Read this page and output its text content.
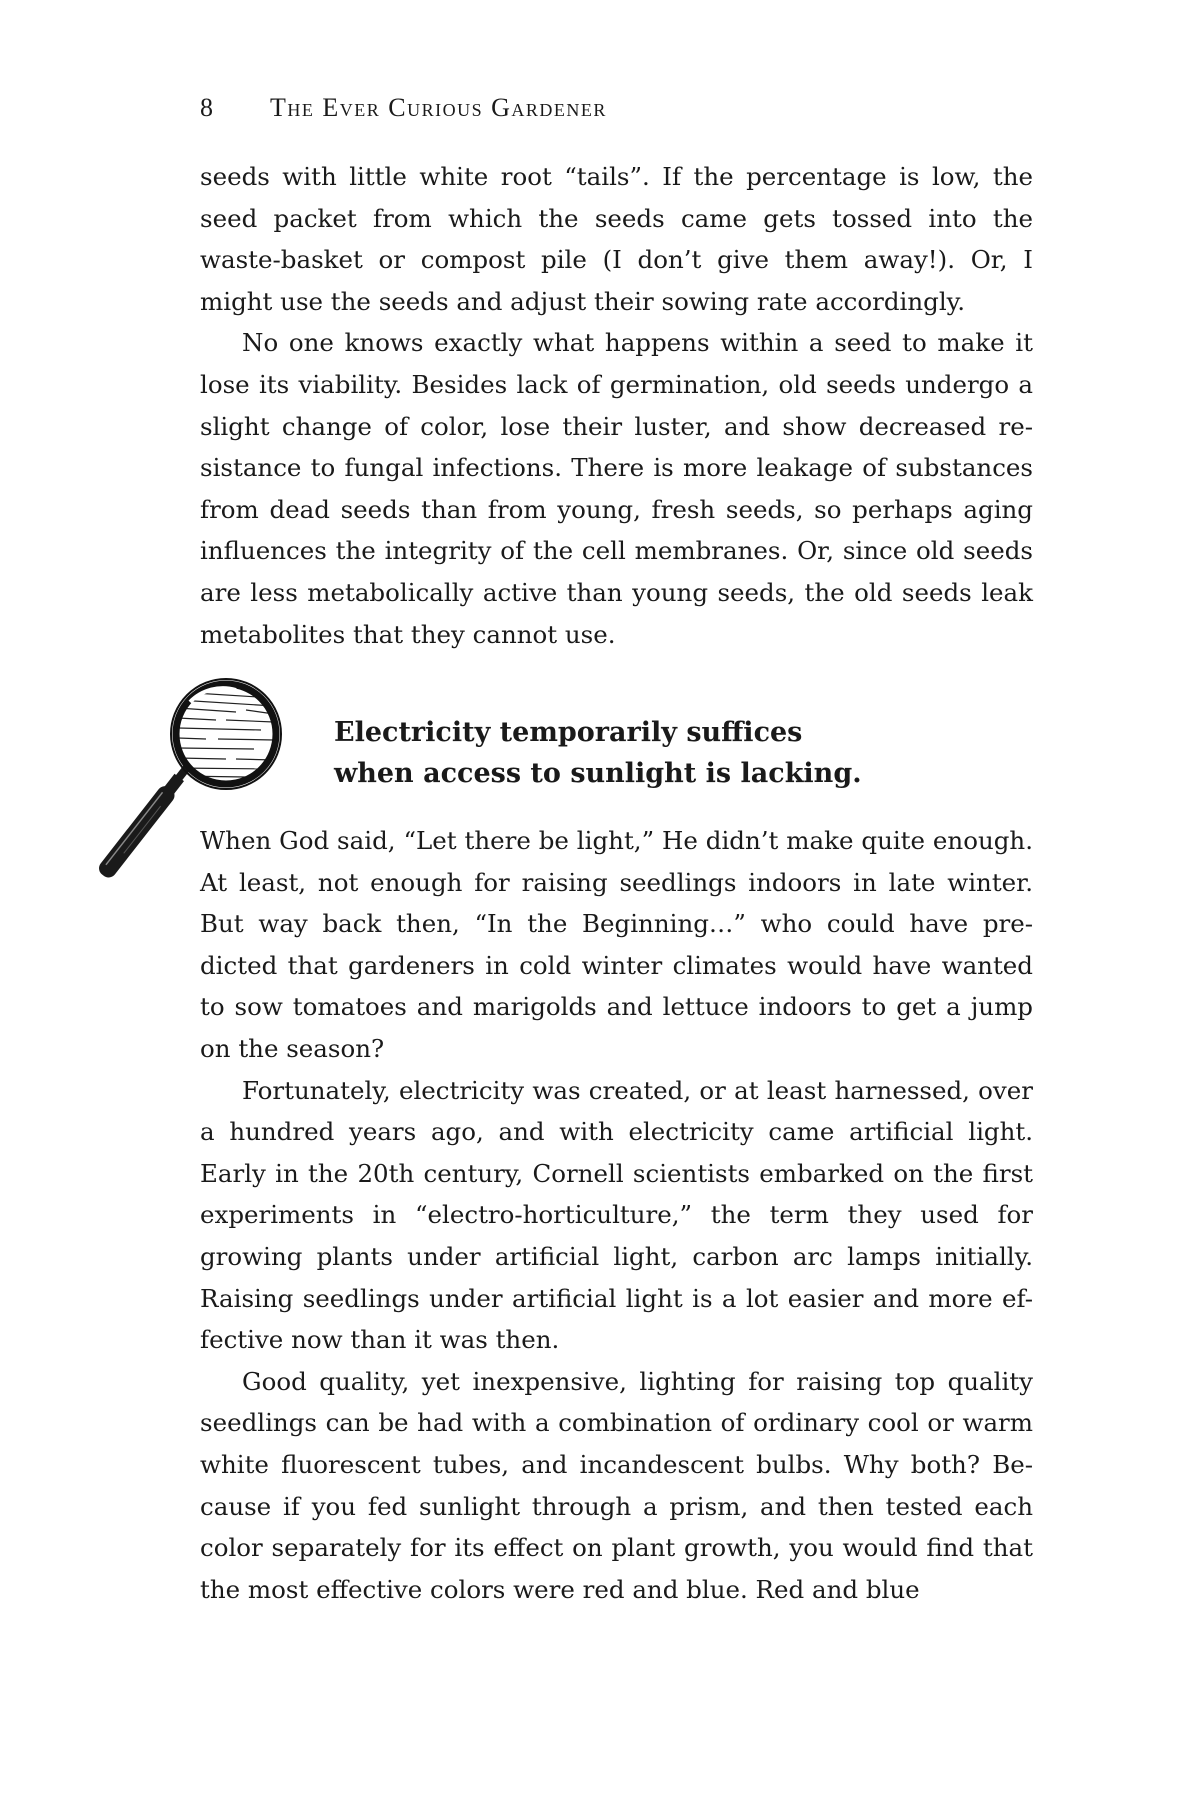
8 The Ever Curious Gardener

seeds with little white root “tails”. If the percentage is low, the seed packet from which the seeds came gets tossed into the waste-basket or compost pile (I don’t give them away!). Or, I might use the seeds and adjust their sowing rate accordingly.

No one knows exactly what happens within a seed to make it lose its viability. Besides lack of germination, old seeds undergo a slight change of color, lose their luster, and show decreased re-sistance to fungal infections. There is more leakage of substances from dead seeds than from young, fresh seeds, so perhaps aging influences the integrity of the cell membranes. Or, since old seeds are less metabolically active than young seeds, the old seeds leak metabolites that they cannot use.

Electricity temporarily suffices
when access to sunlight is lacking.

When God said, “Let there be light,” He didn’t make quite enough. At least, not enough for raising seedlings indoors in late winter. But way back then, “In the Beginning…” who could have pre-dicted that gardeners in cold winter climates would have wanted to sow tomatoes and marigolds and lettuce indoors to get a jump on the season?

Fortunately, electricity was created, or at least harnessed, over a hundred years ago, and with electricity came artificial light. Early in the 20th century, Cornell scientists embarked on the first experiments in “electro-horticulture,” the term they used for growing plants under artificial light, carbon arc lamps initially. Raising seedlings under artificial light is a lot easier and more ef-fective now than it was then.

Good quality, yet inexpensive, lighting for raising top quality seedlings can be had with a combination of ordinary cool or warm white fluorescent tubes, and incandescent bulbs. Why both? Be-cause if you fed sunlight through a prism, and then tested each color separately for its effect on plant growth, you would find that the most effective colors were red and blue. Red and blue
